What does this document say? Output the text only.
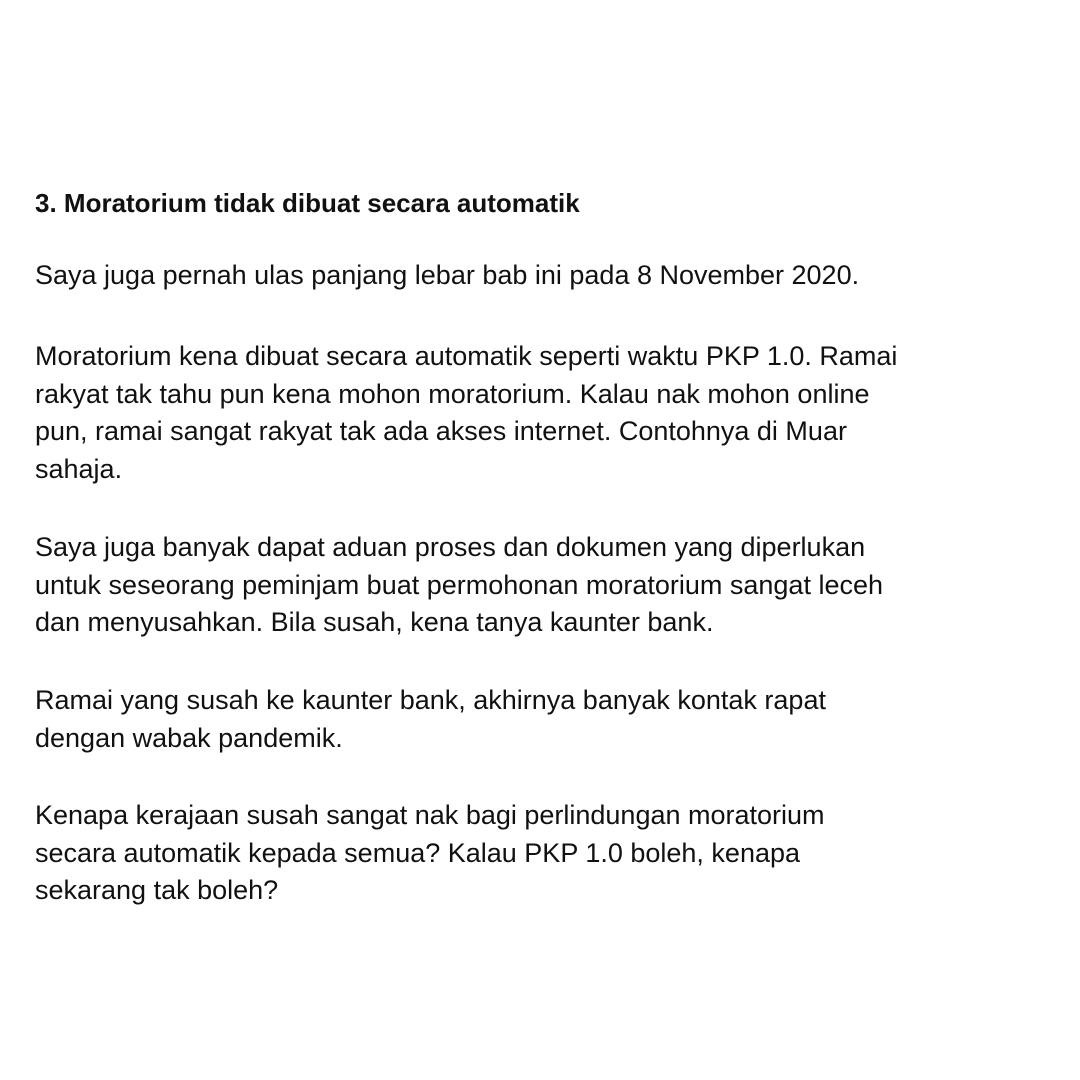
3. Moratorium tidak dibuat secara automatik
Saya juga pernah ulas panjang lebar bab ini pada 8 November 2020.
Moratorium kena dibuat secara automatik seperti waktu PKP 1.0. Ramai
rakyat tak tahu pun kena mohon moratorium. Kalau nak mohon online
pun, ramai sangat rakyat tak ada akses internet. Contohnya di Muar
sahaja.
Saya juga banyak dapat aduan proses dan dokumen yang diperlukan
untuk seseorang peminjam buat permohonan moratorium sangat leceh
dan menyusahkan. Bila susah, kena tanya kaunter bank.
Ramai yang susah ke kaunter bank, akhirnya banyak kontak rapat
dengan wabak pandemik.
Kenapa kerajaan susah sangat nak bagi perlindungan moratorium
secara automatik kepada semua? Kalau PKP 1.0 boleh, kenapa
sekarang tak boleh?
